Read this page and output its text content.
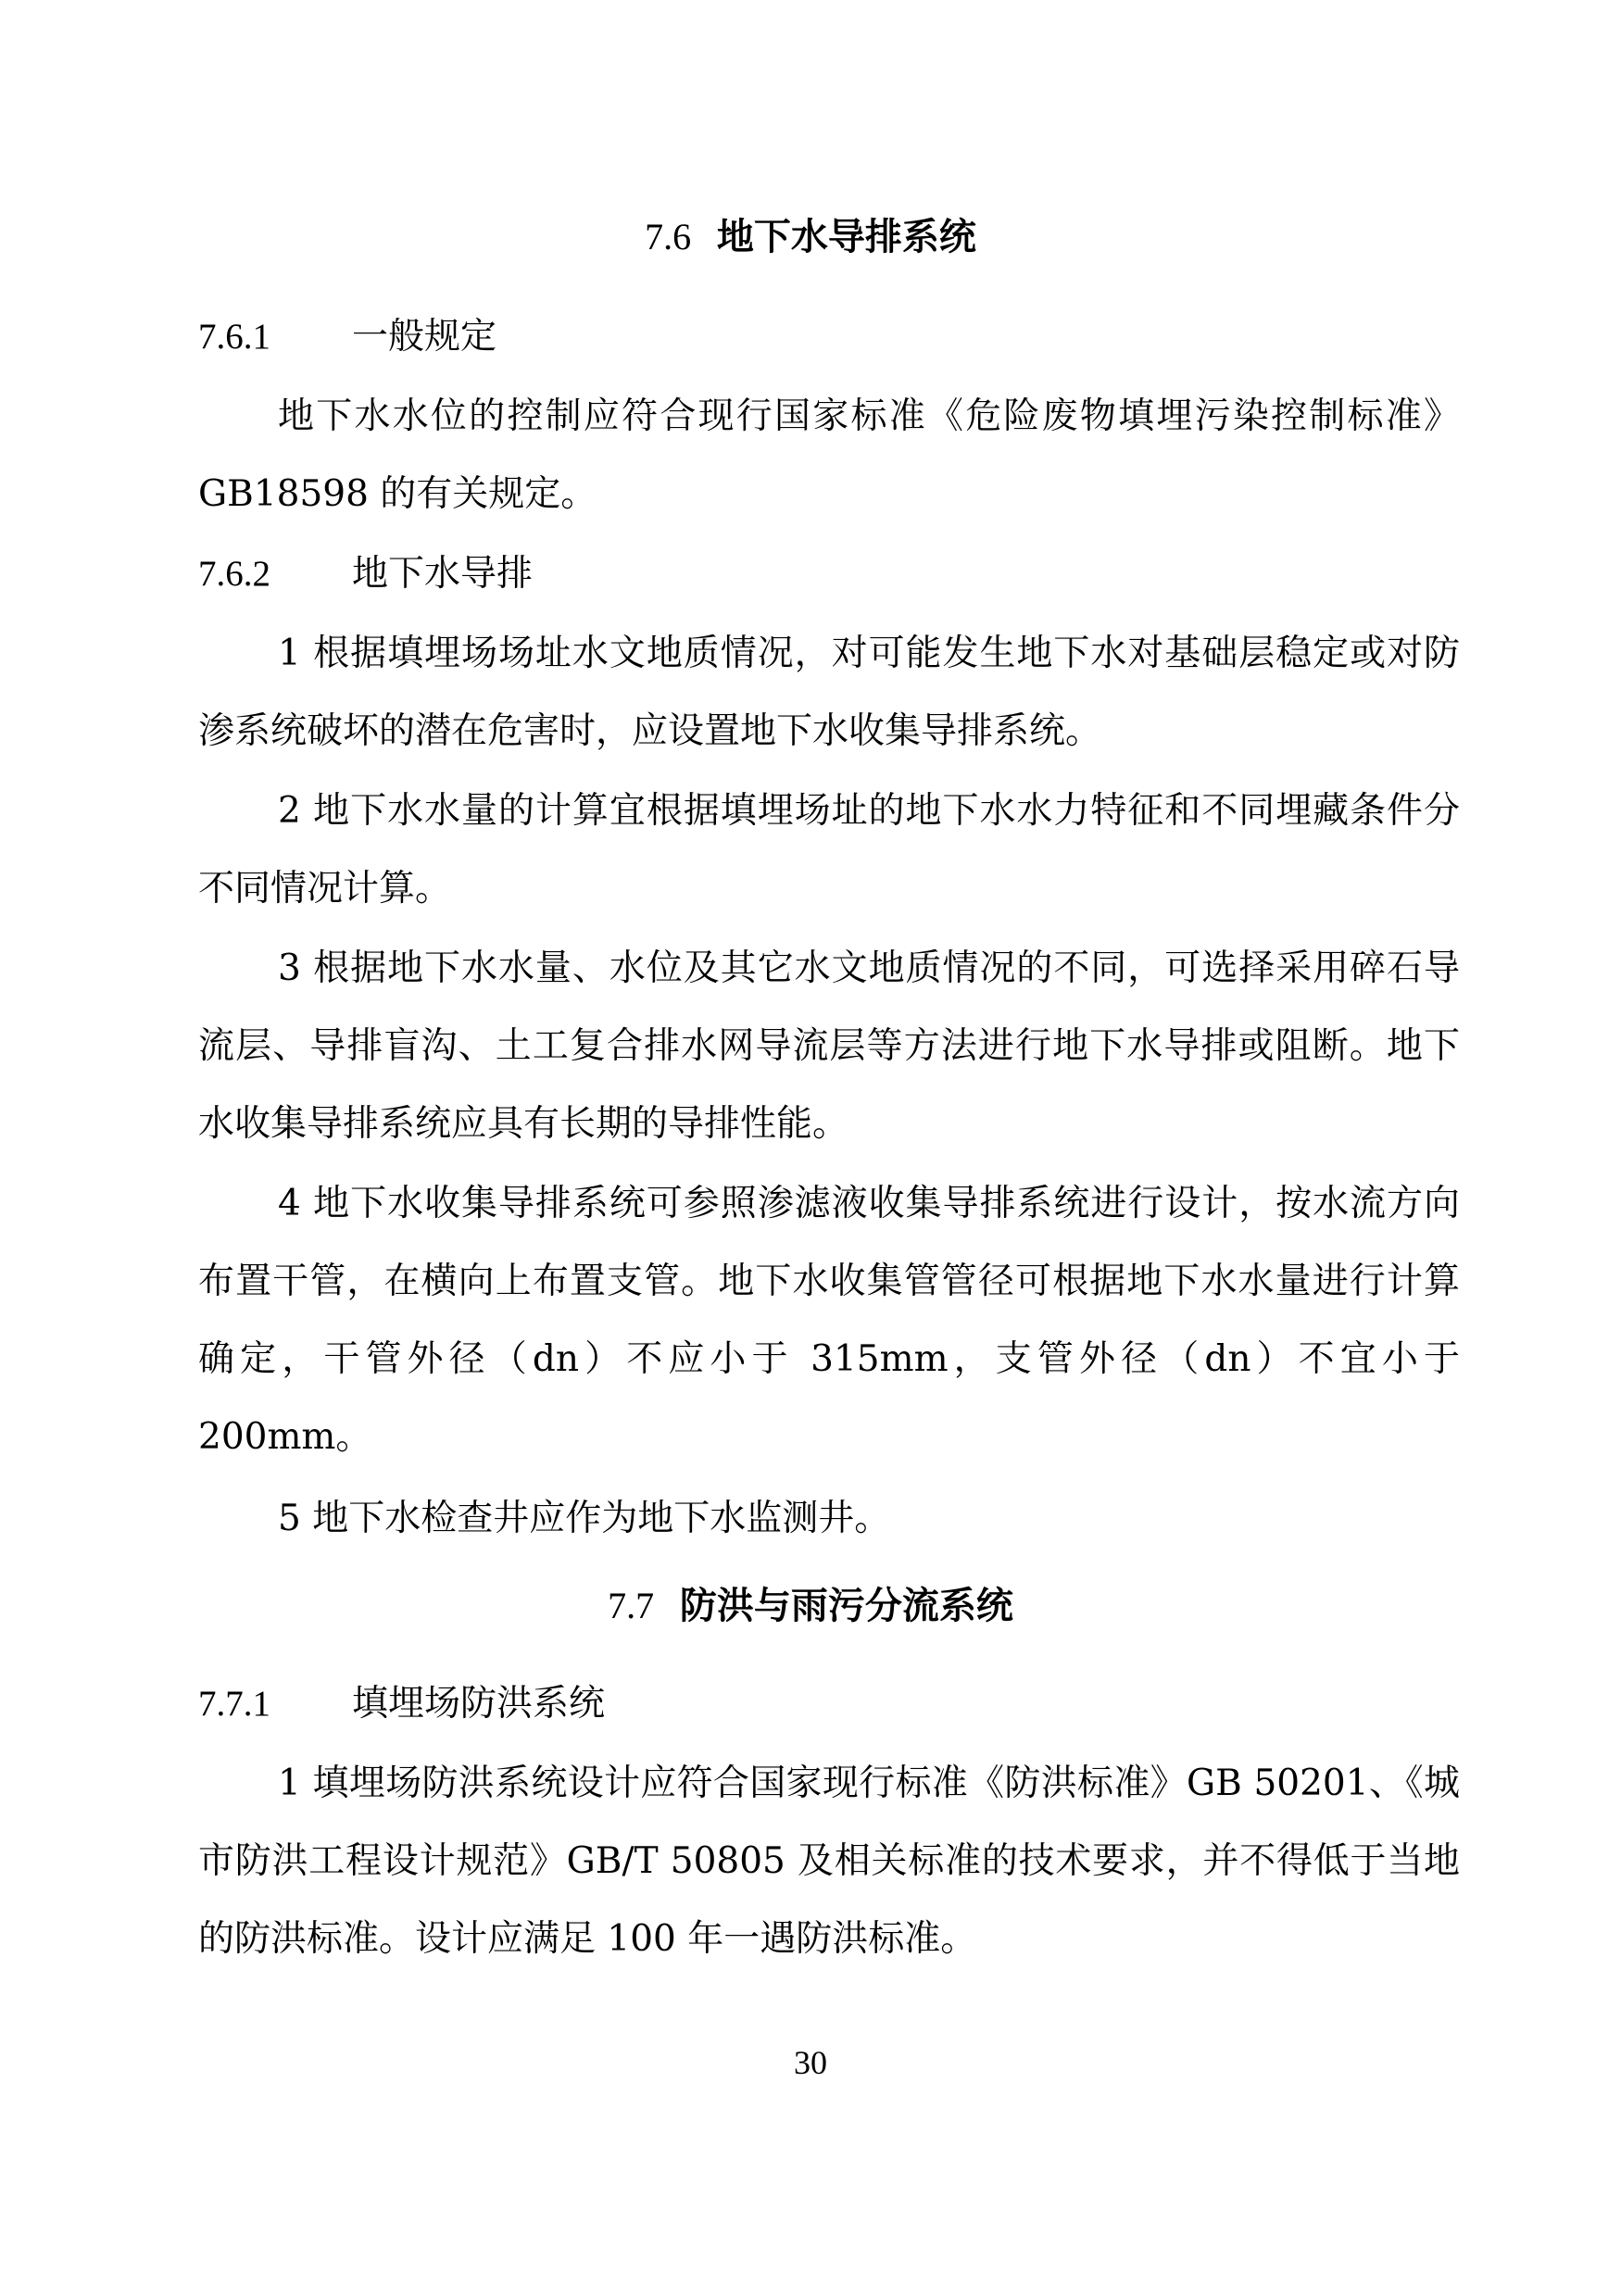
7.6 地下水导排系统
7.6.1 一般规定
地下水水位的控制应符合现行国家标准《危险废物填埋污染控制标准》GB18598 的有关规定。
7.6.2 地下水导排
1 根据填埋场场址水文地质情况，对可能发生地下水对基础层稳定或对防渗系统破坏的潜在危害时，应设置地下水收集导排系统。
2 地下水水量的计算宜根据填埋场址的地下水水力特征和不同埋藏条件分不同情况计算。
3 根据地下水水量、水位及其它水文地质情况的不同，可选择采用碎石导流层、导排盲沟、土工复合排水网导流层等方法进行地下水导排或阻断。地下水收集导排系统应具有长期的导排性能。
4 地下水收集导排系统可参照渗滤液收集导排系统进行设计，按水流方向布置干管，在横向上布置支管。地下水收集管管径可根据地下水水量进行计算确定，干管外径（dn）不应小于 315mm，支管外径（dn）不宜小于 200mm。
5 地下水检查井应作为地下水监测井。
7.7 防洪与雨污分流系统
7.7.1 填埋场防洪系统
1 填埋场防洪系统设计应符合国家现行标准《防洪标准》GB 50201、《城市防洪工程设计规范》GB/T 50805 及相关标准的技术要求，并不得低于当地的防洪标准。设计应满足 100 年一遇防洪标准。
30
